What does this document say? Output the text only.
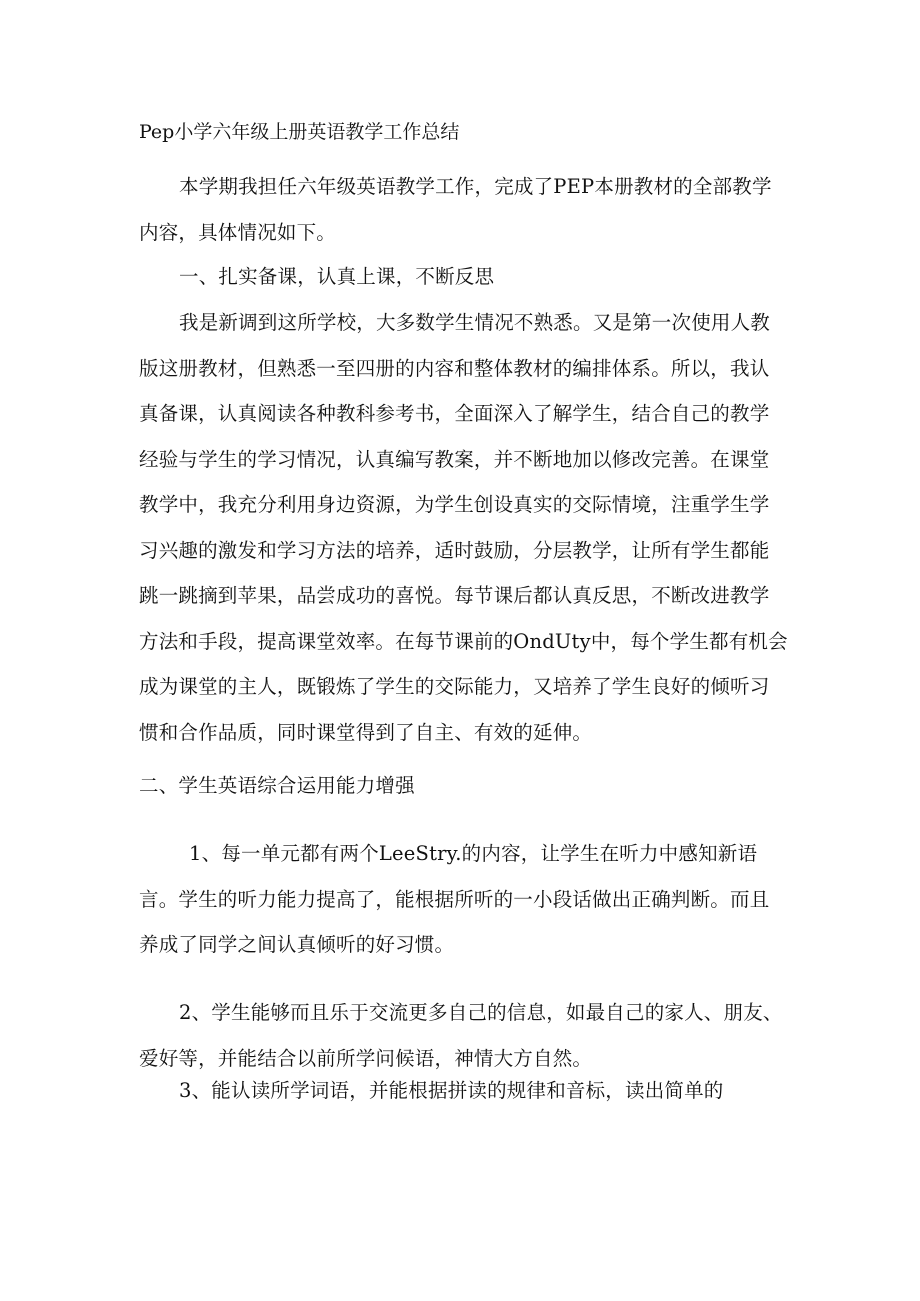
Pep小学六年级上册英语教学工作总结

本学期我担任六年级英语教学工作，完成了PEP本册教材的全部教学内容，具体情况如下。

一、扎实备课，认真上课，不断反思

我是新调到这所学校，大多数学生情况不熟悉。又是第一次使用人教版这册教材，但熟悉一至四册的内容和整体教材的编排体系。所以，我认真备课，认真阅读各种教科参考书，全面深入了解学生，结合自己的教学经验与学生的学习情况，认真编写教案，并不断地加以修改完善。在课堂教学中，我充分利用身边资源，为学生创设真实的交际情境，注重学生学习兴趣的激发和学习方法的培养，适时鼓励，分层教学，让所有学生都能跳一跳摘到苹果，品尝成功的喜悦。每节课后都认真反思，不断改进教学方法和手段，提高课堂效率。在每节课前的OndUty中，每个学生都有机会成为课堂的主人，既锻炼了学生的交际能力，又培养了学生良好的倾听习惯和合作品质，同时课堂得到了自主、有效的延伸。

二、学生英语综合运用能力增强

1、每一单元都有两个LeeStry.的内容，让学生在听力中感知新语言。学生的听力能力提高了，能根据所听的一小段话做出正确判断。而且养成了同学之间认真倾听的好习惯。

2、学生能够而且乐于交流更多自己的信息，如最自己的家人、朋友、爱好等，并能结合以前所学问候语，神情大方自然。

3、能认读所学词语，并能根据拼读的规律和音标，读出简单的
